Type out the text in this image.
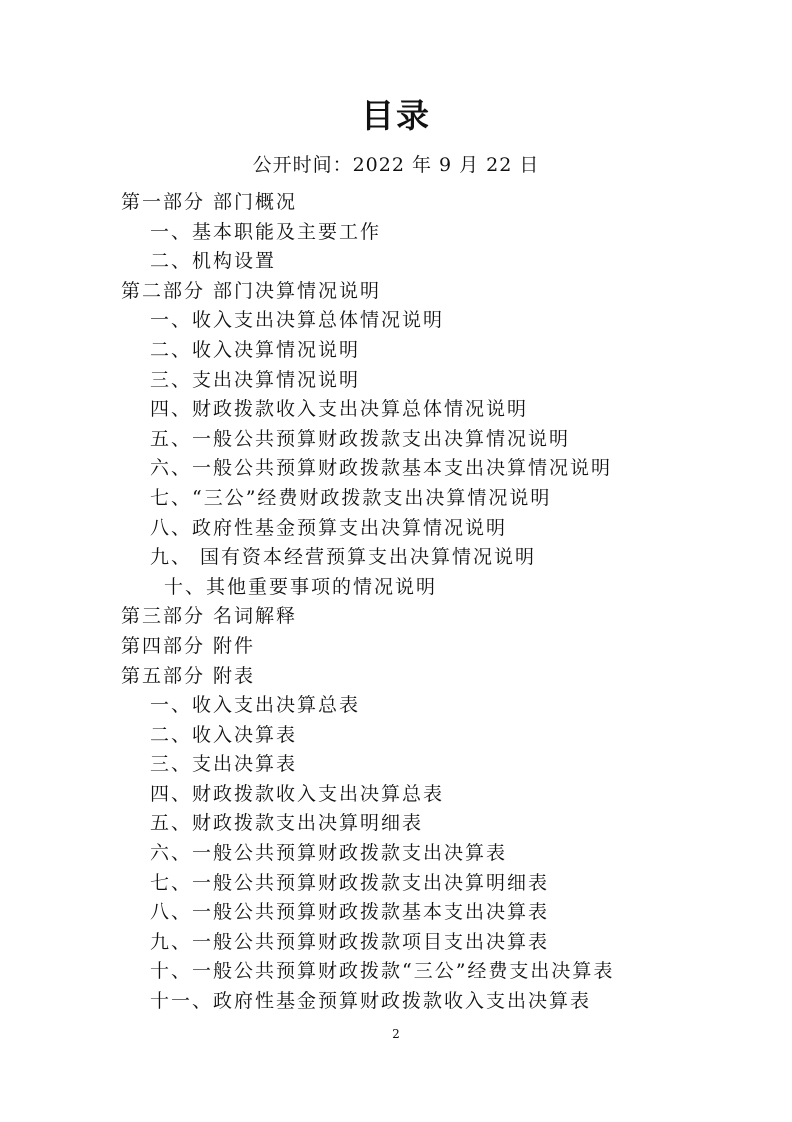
目录
公开时间：2022 年 9 月 22 日
第一部分 部门概况
一、基本职能及主要工作
二、机构设置
第二部分 部门决算情况说明
一、收入支出决算总体情况说明
二、收入决算情况说明
三、支出决算情况说明
四、财政拨款收入支出决算总体情况说明
五、一般公共预算财政拨款支出决算情况说明
六、一般公共预算财政拨款基本支出决算情况说明
七、“三公”经费财政拨款支出决算情况说明
八、政府性基金预算支出决算情况说明
九、 国有资本经营预算支出决算情况说明
十、其他重要事项的情况说明
第三部分 名词解释
第四部分 附件
第五部分 附表
一、收入支出决算总表
二、收入决算表
三、支出决算表
四、财政拨款收入支出决算总表
五、财政拨款支出决算明细表
六、一般公共预算财政拨款支出决算表
七、一般公共预算财政拨款支出决算明细表
八、一般公共预算财政拨款基本支出决算表
九、一般公共预算财政拨款项目支出决算表
十、一般公共预算财政拨款“三公”经费支出决算表
十一、政府性基金预算财政拨款收入支出决算表
2
